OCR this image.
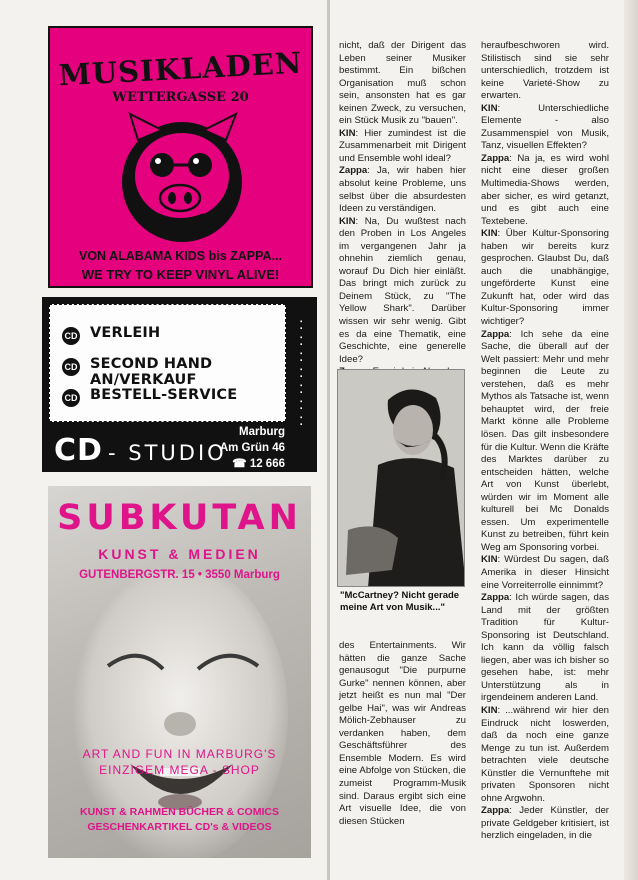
MUSIKLADEN
WETTERGASSE 20
VON ALABAMA KIDS bis ZAPPA...
WE TRY TO KEEP VINYL ALIVE!
CD
CD
CD
VERLEIH
SECOND HAND AN/VERKAUF
BESTELL-SERVICE
:
:
:
:
:
:
:
CD - STUDIO
Marburg
Am Grün 46
☎ 12 666
SUBKUTAN
KUNST & MEDIEN
GUTENBERGSTR. 15 • 3550 Marburg
ART AND FUN IN MARBURG'S
EINZIGEM MEGA - SHOP
KUNST & RAHMEN BÜCHER & COMICS
GESCHENKARTIKEL CD's & VIDEOS

nicht, daß der Dirigent das Leben seiner Musiker bestimmt. Ein bißchen Organisation muß schon sein, ansonsten hat es gar keinen Zweck, zu versuchen, ein Stück Musik zu "bauen".

KIN: Hier zumindest ist die Zusammenarbeit mit Dirigent und Ensemble wohl ideal?

Zappa: Ja, wir haben hier absolut keine Probleme, uns selbst über die absurdesten Ideen zu verständigen.

KIN: Na, Du wußtest nach den Proben in Los Angeles im vergangenen Jahr ja ohnehin ziemlich genau, worauf Du Dich hier einläßt. Das bringt mich zurück zu Deinem Stück, zu "The Yellow Shark". Darüber wissen wir sehr wenig. Gibt es da eine Thematik, eine Geschichte, eine generelle Idee?

"McCartney? Nicht gerade meine Art von Musik..."

des Entertainments. Wir hätten die ganze Sache genausogut "Die purpurne Gurke" nennen können, aber jetzt heißt es nun mal "Der gelbe Hai", was wir Andreas Mölich-Zebhauser zu verdanken haben, dem Geschäftsführer des Ensemble Modern. Es wird eine Abfolge von Stücken, die zumeist Programm-Musik sind. Daraus ergibt sich eine Art visuelle Idee, die von diesen Stücken

heraufbeschworen wird. Stilistisch sind sie sehr unterschiedlich, trotzdem ist keine Varieté-Show zu erwarten.

KIN: Unterschiedliche Elemente - also Zusammenspiel von Musik, Tanz, visuellen Effekten?

Zappa: Na ja, es wird wohl nicht eine dieser großen Multimedia-Shows werden, aber sicher, es wird getanzt, und es gibt auch eine Textebene.

KIN: Über Kultur-Sponsoring haben wir bereits kurz gesprochen. Glaubst Du, daß auch die unabhängige, ungeförderte Kunst eine Zukunft hat, oder wird das Kultur-Sponsoring immer wichtiger?

Zappa: Ich sehe da eine Sache, die überall auf der Welt passiert: Mehr und mehr beginnen die Leute zu verstehen, daß es mehr Mythos als Tatsache ist, wenn behauptet wird, der freie Markt könne alle Probleme lösen. Das gilt insbesondere für die Kultur. Wenn die Kräfte des Marktes darüber zu entscheiden hätten, welche Art von Kunst überlebt, würden wir im Moment alle kulturell bei Mc Donalds essen. Um experimentelle Kunst zu betreiben, führt kein Weg am Sponsoring vorbei.

KIN: Würdest Du sagen, daß Amerika in dieser Hinsicht eine Vorreiterrolle einnimmt?

Zappa: Ich würde sagen, das Land mit der größten Tradition für Kultur-Sponsoring ist Deutschland. Ich kann da völlig falsch liegen, aber was ich bisher so gesehen habe, ist: mehr Unterstützung als in irgendeinem anderen Land.

KIN: ...während wir hier den Eindruck nicht loswerden, daß da noch eine ganze Menge zu tun ist. Außerdem betrachten viele deutsche Künstler die Vernunftehe mit privaten Sponsoren nicht ohne Argwohn.

Zappa: Jeder Künstler, der private Geldgeber kritisiert, ist herzlich eingeladen, in die
